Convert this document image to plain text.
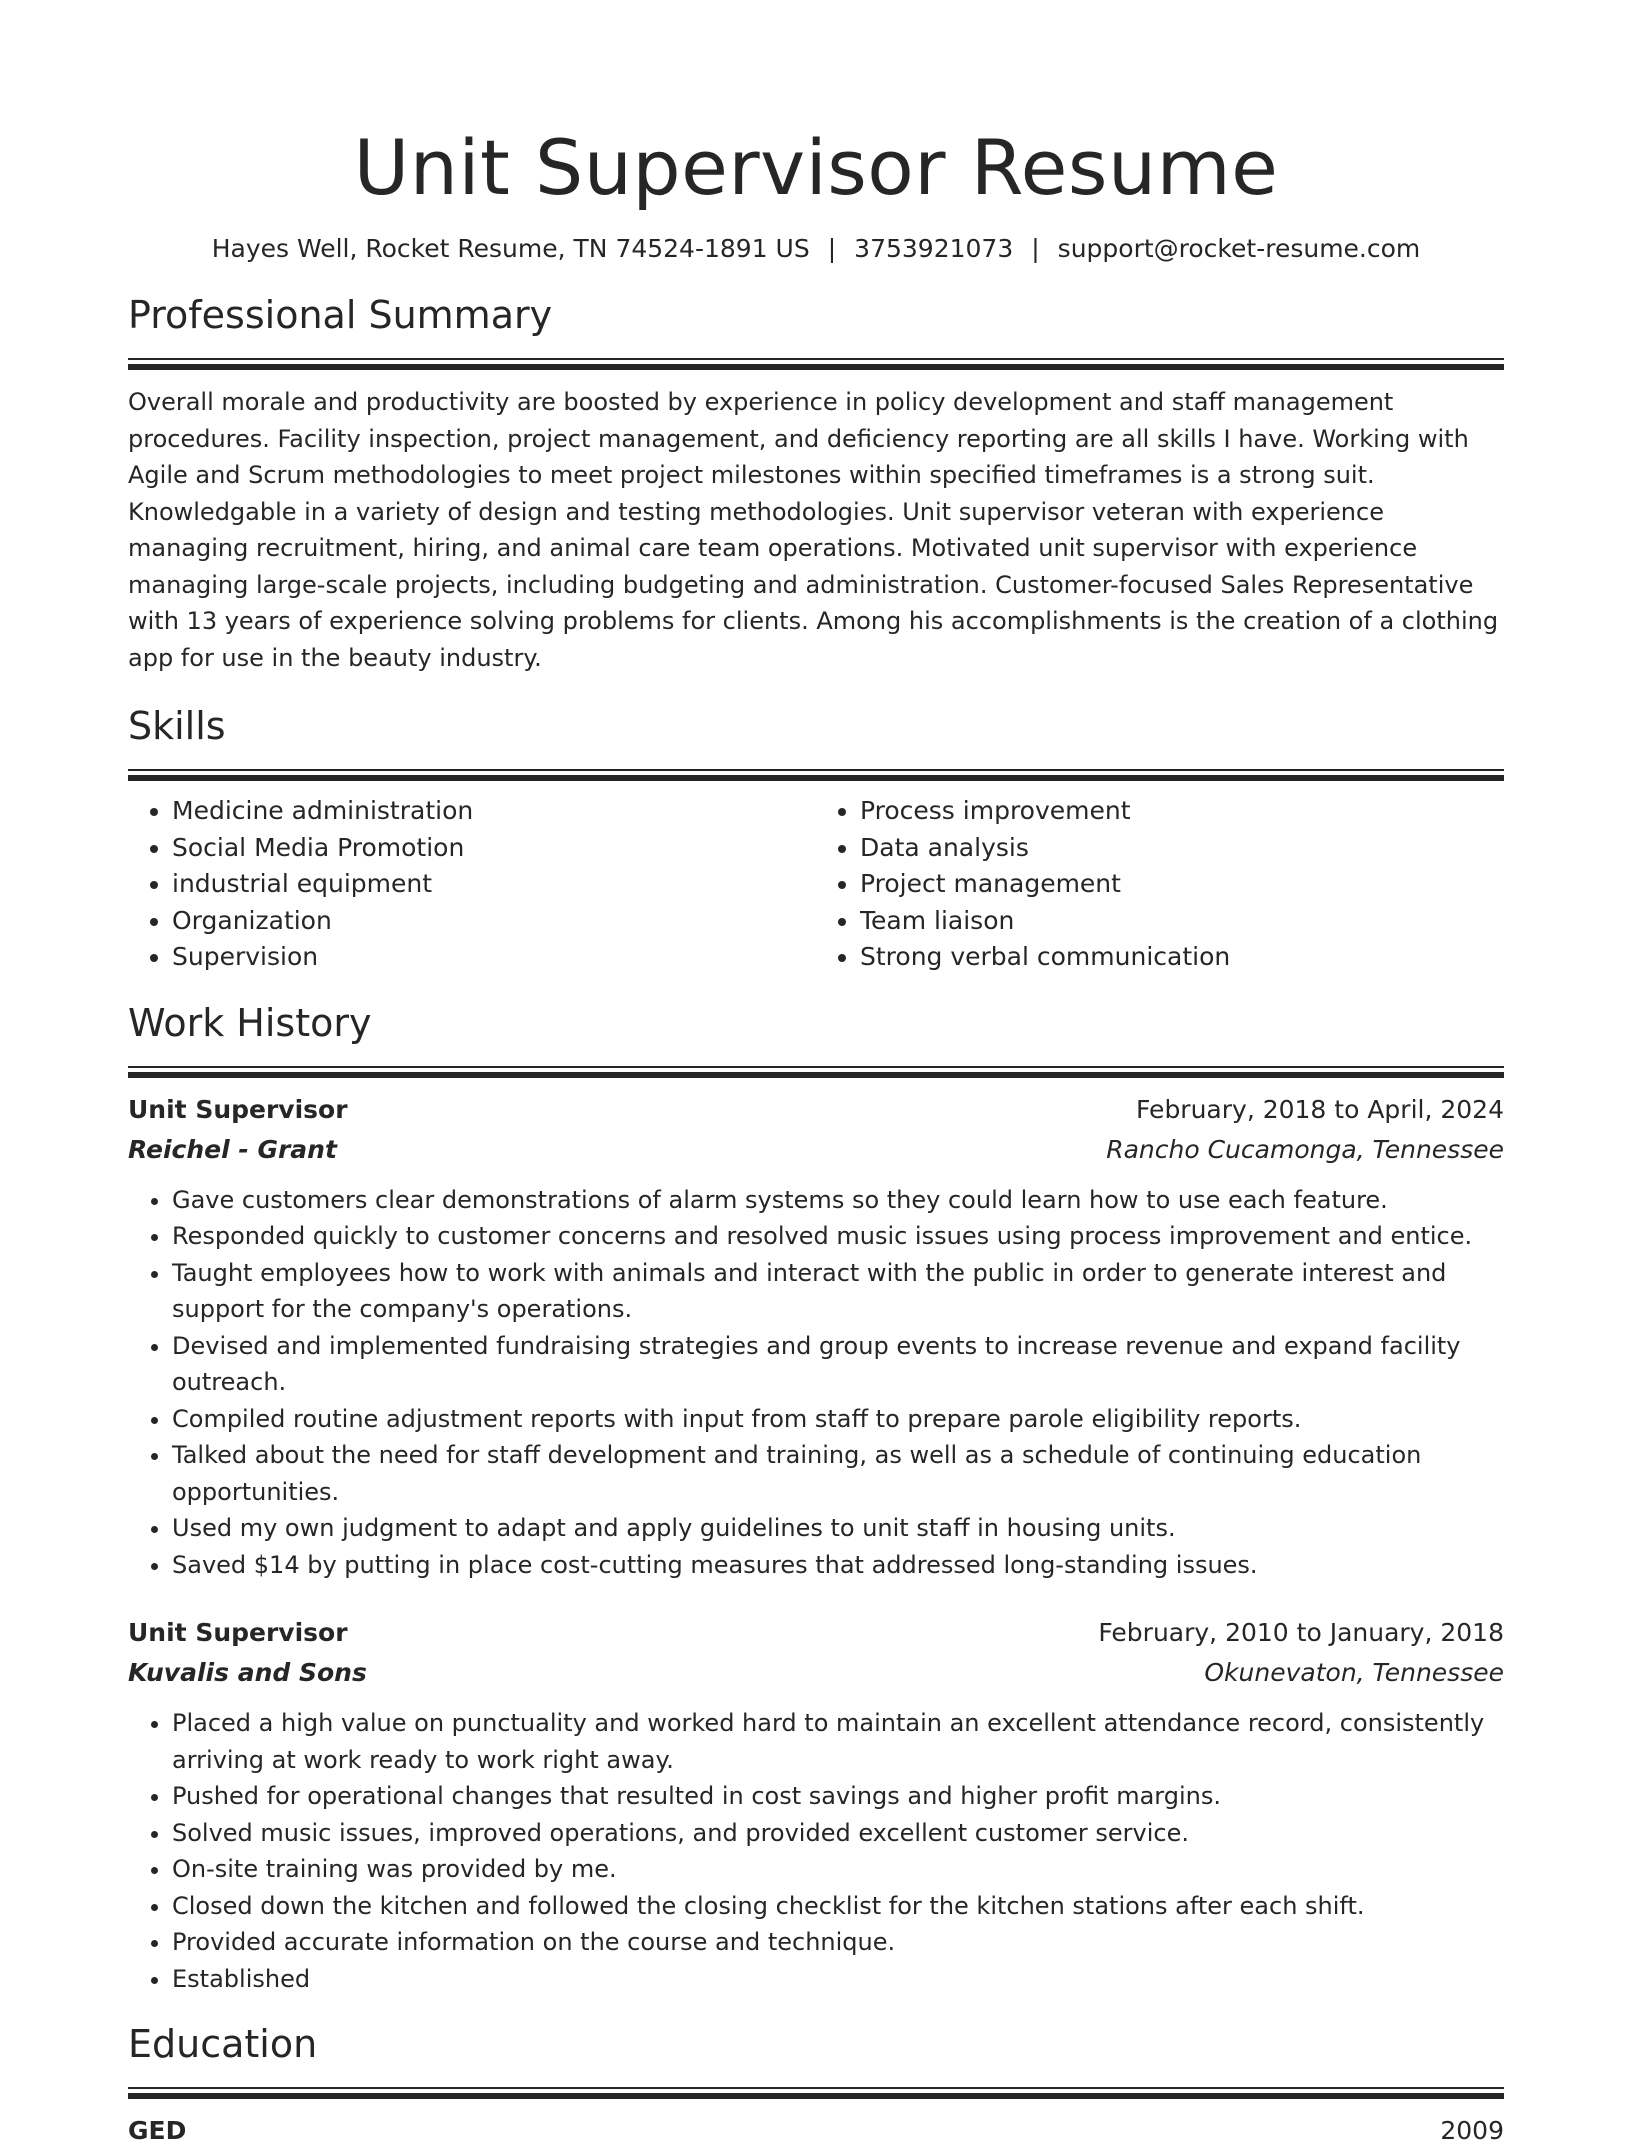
Unit Supervisor Resume
Hayes Well, Rocket Resume, TN 74524-1891 US | 3753921073 | support@rocket-resume.com
Professional Summary

Overall morale and productivity are boosted by experience in policy development and staff management procedures. Facility inspection, project management, and deficiency reporting are all skills I have. Working with Agile and Scrum methodologies to meet project milestones within specified timeframes is a strong suit. Knowledgable in a variety of design and testing methodologies. Unit supervisor veteran with experience managing recruitment, hiring, and animal care team operations. Motivated unit supervisor with experience managing large-scale projects, including budgeting and administration. Customer-focused Sales Representative with 13 years of experience solving problems for clients. Among his accomplishments is the creation of a clothing app for use in the beauty industry.

Skills
• Medicine administration
• Social Media Promotion
• industrial equipment
• Organization
• Supervision
• Process improvement
• Data analysis
• Project management
• Team liaison
• Strong verbal communication
Work History
Unit Supervisor	February, 2018 to April, 2024
Reichel - Grant	Rancho Cucamonga, Tennessee
• Gave customers clear demonstrations of alarm systems so they could learn how to use each feature.
• Responded quickly to customer concerns and resolved music issues using process improvement and entice.
• Taught employees how to work with animals and interact with the public in order to generate interest and support for the company's operations.
• Devised and implemented fundraising strategies and group events to increase revenue and expand facility outreach.
• Compiled routine adjustment reports with input from staff to prepare parole eligibility reports.
• Talked about the need for staff development and training, as well as a schedule of continuing education opportunities.
• Used my own judgment to adapt and apply guidelines to unit staff in housing units.
• Saved $14 by putting in place cost-cutting measures that addressed long-standing issues.
Unit Supervisor	February, 2010 to January, 2018
Kuvalis and Sons	Okunevaton, Tennessee
• Placed a high value on punctuality and worked hard to maintain an excellent attendance record, consistently arriving at work ready to work right away.
• Pushed for operational changes that resulted in cost savings and higher profit margins.
• Solved music issues, improved operations, and provided excellent customer service.
• On-site training was provided by me.
• Closed down the kitchen and followed the closing checklist for the kitchen stations after each shift.
• Provided accurate information on the course and technique.
• Established
Education
GED	2009
